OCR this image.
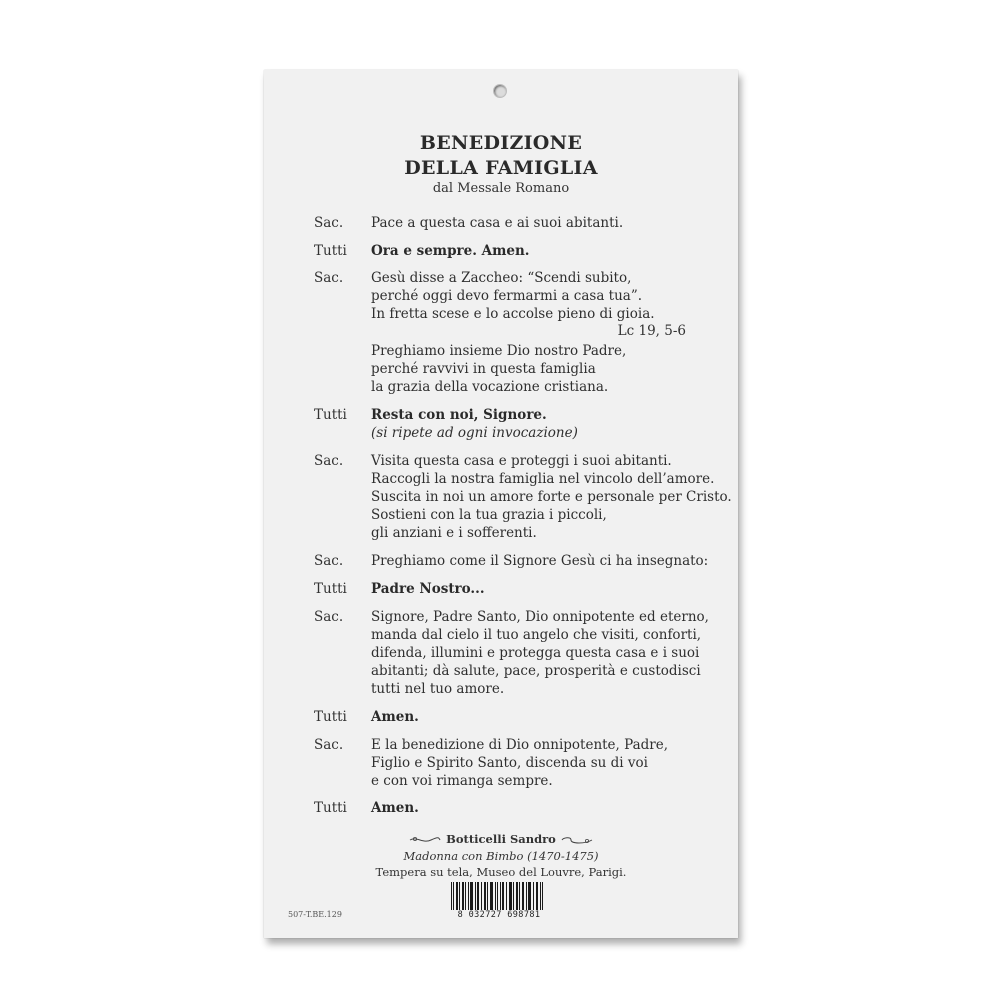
BENEDIZIONE
DELLA FAMIGLIA
dal Messale Romano
Sac. Pace a questa casa e ai suoi abitanti.
Tutti Ora e sempre. Amen.
Sac. Gesù disse a Zaccheo: “Scendi subito,
perché oggi devo fermarmi a casa tua”.
In fretta scese e lo accolse pieno di gioia.
Lc 19, 5-6
Preghiamo insieme Dio nostro Padre,
perché ravvivi in questa famiglia
la grazia della vocazione cristiana.
Tutti Resta con noi, Signore.
(si ripete ad ogni invocazione)
Sac. Visita questa casa e proteggi i suoi abitanti.
Raccogli la nostra famiglia nel vincolo dell’amore.
Suscita in noi un amore forte e personale per Cristo.
Sostieni con la tua grazia i piccoli,
gli anziani e i sofferenti.
Sac. Preghiamo come il Signore Gesù ci ha insegnato:
Tutti Padre Nostro...
Sac. Signore, Padre Santo, Dio onnipotente ed eterno,
manda dal cielo il tuo angelo che visiti, conforti,
difenda, illumini e protegga questa casa e i suoi
abitanti; dà salute, pace, prosperità e custodisci
tutti nel tuo amore.
Tutti Amen.
Sac. E la benedizione di Dio onnipotente, Padre,
Figlio e Spirito Santo, discenda su di voi
e con voi rimanga sempre.
Tutti Amen.
Botticelli Sandro
Madonna con Bimbo (1470-1475)
Tempera su tela, Museo del Louvre, Parigi.
507-T.BE.129	8 032727 698781
